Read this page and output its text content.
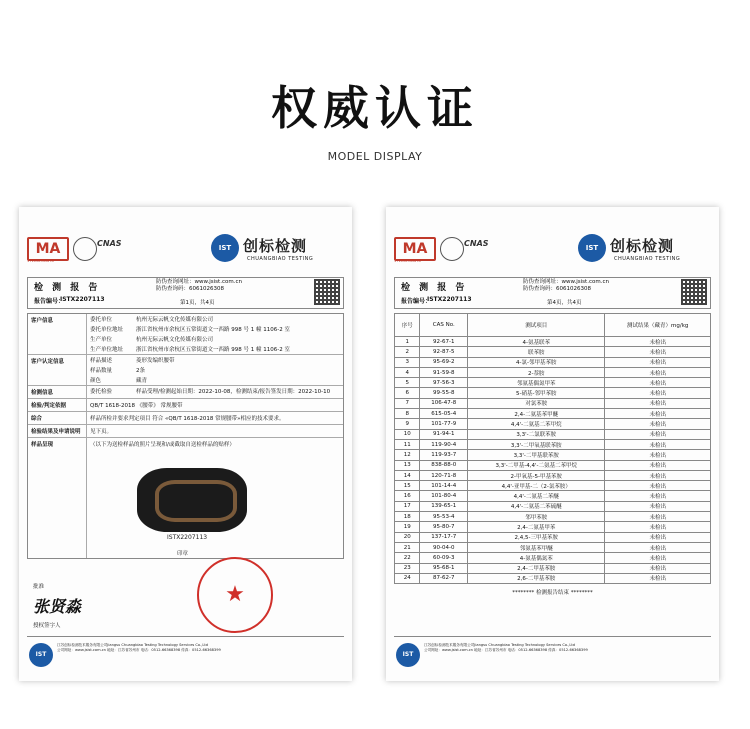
权威认证
MODEL DISPLAY
MA
171012345678
CNAS	IST 创标检测
CHUANGBIAO TESTING
检 测 报 告
报告编号：
ISTX2207113
防伪查询网址：www.jsist.com.cn
防伪查询码：6061026308
第1页，共4页
客户信息	委托单位	杭州无际云帆文化传媒有限公司
委托单位地址	浙江省杭州市余杭区五常街道文一西路 998 号 1 幢 1106-2 室
生产单位	杭州无际云帆文化传媒有限公司
生产单位地址	浙江省杭州市余杭区五常街道文一西路 998 号 1 幢 1106-2 室
客户认定信息	样品描述	菱形发编织腰带
样品数量	2条
颜色	藏青
检测信息	委托检验	样品受理/检测起始日期：2022-10-08，检测结束/报告签发日期：2022-10-10
检验/判定依据	QB/T 1618-2018 《腰带》 常规腰带
综合	样品所检并要求判定项目 符合 «QB/T 1618-2018 常规腰带»相应的技术要求。
检验结果及申请说明	见下页。
样品呈现	（以下为送检样品的照片呈现和/或截取自送检样品的贴样）
ISTX2207113
批准
张贤淼
授权签字人
印章
★
IST
江苏创标检测技术服务有限公司Jiangsu Chuangbiao Testing Technology Services Co.,Ltd
公司网址：www.jsist.com.cn 地址：江苏省苏州市 电话：0512-66368398 传真：0512-66368399
MA
171012345678
CNAS	IST 创标检测
CHUANGBIAO TESTING
检 测 报 告
报告编号：
ISTX2207113
防伪查询网址：www.jsist.com.cn
防伪查询码：6061026308
第4页，共4页
序号	CAS No.	测试项目	测试结果（藏青）mg/kg
1	92-67-1	4-氨基联苯	未检出
2	92-87-5	联苯胺	未检出
3	95-69-2	4-氯-邻甲基苯胺	未检出
4	91-59-8	2-萘胺	未检出
5	97-56-3	邻氨基偶氮甲苯	未检出
6	99-55-8	5-硝基-邻甲苯胺	未检出
7	106-47-8	对氯苯胺	未检出
8	615-05-4	2,4-二氨基苯甲醚	未检出
9	101-77-9	4,4'-二氨基二苯甲烷	未检出
10	91-94-1	3,3'-二氯联苯胺	未检出
11	119-90-4	3,3'-二甲氧基联苯胺	未检出
12	119-93-7	3,3'-二甲基联苯胺	未检出
13	838-88-0	3,3'-二甲基-4,4'-二氨基二苯甲烷	未检出
14	120-71-8	2-甲氧基-5-甲基苯胺	未检出
15	101-14-4	4,4'-亚甲基-二（2-氯苯胺）	未检出
16	101-80-4	4,4'-二氨基二苯醚	未检出
17	139-65-1	4,4'-二氨基二苯硫醚	未检出
18	95-53-4	邻甲苯胺	未检出
19	95-80-7	2,4-二氨基甲苯	未检出
20	137-17-7	2,4,5-三甲基苯胺	未检出
21	90-04-0	邻氨基苯甲醚	未检出
22	60-09-3	4-氨基偶氮苯	未检出
23	95-68-1	2,4-二甲基苯胺	未检出
24	87-62-7	2,6-二甲基苯胺	未检出
******** 检测报告结束 ********
IST
江苏创标检测技术服务有限公司Jiangsu Chuangbiao Testing Technology Services Co.,Ltd
公司网址：www.jsist.com.cn 地址：江苏省苏州市 电话：0512-66368398 传真：0512-66368399
